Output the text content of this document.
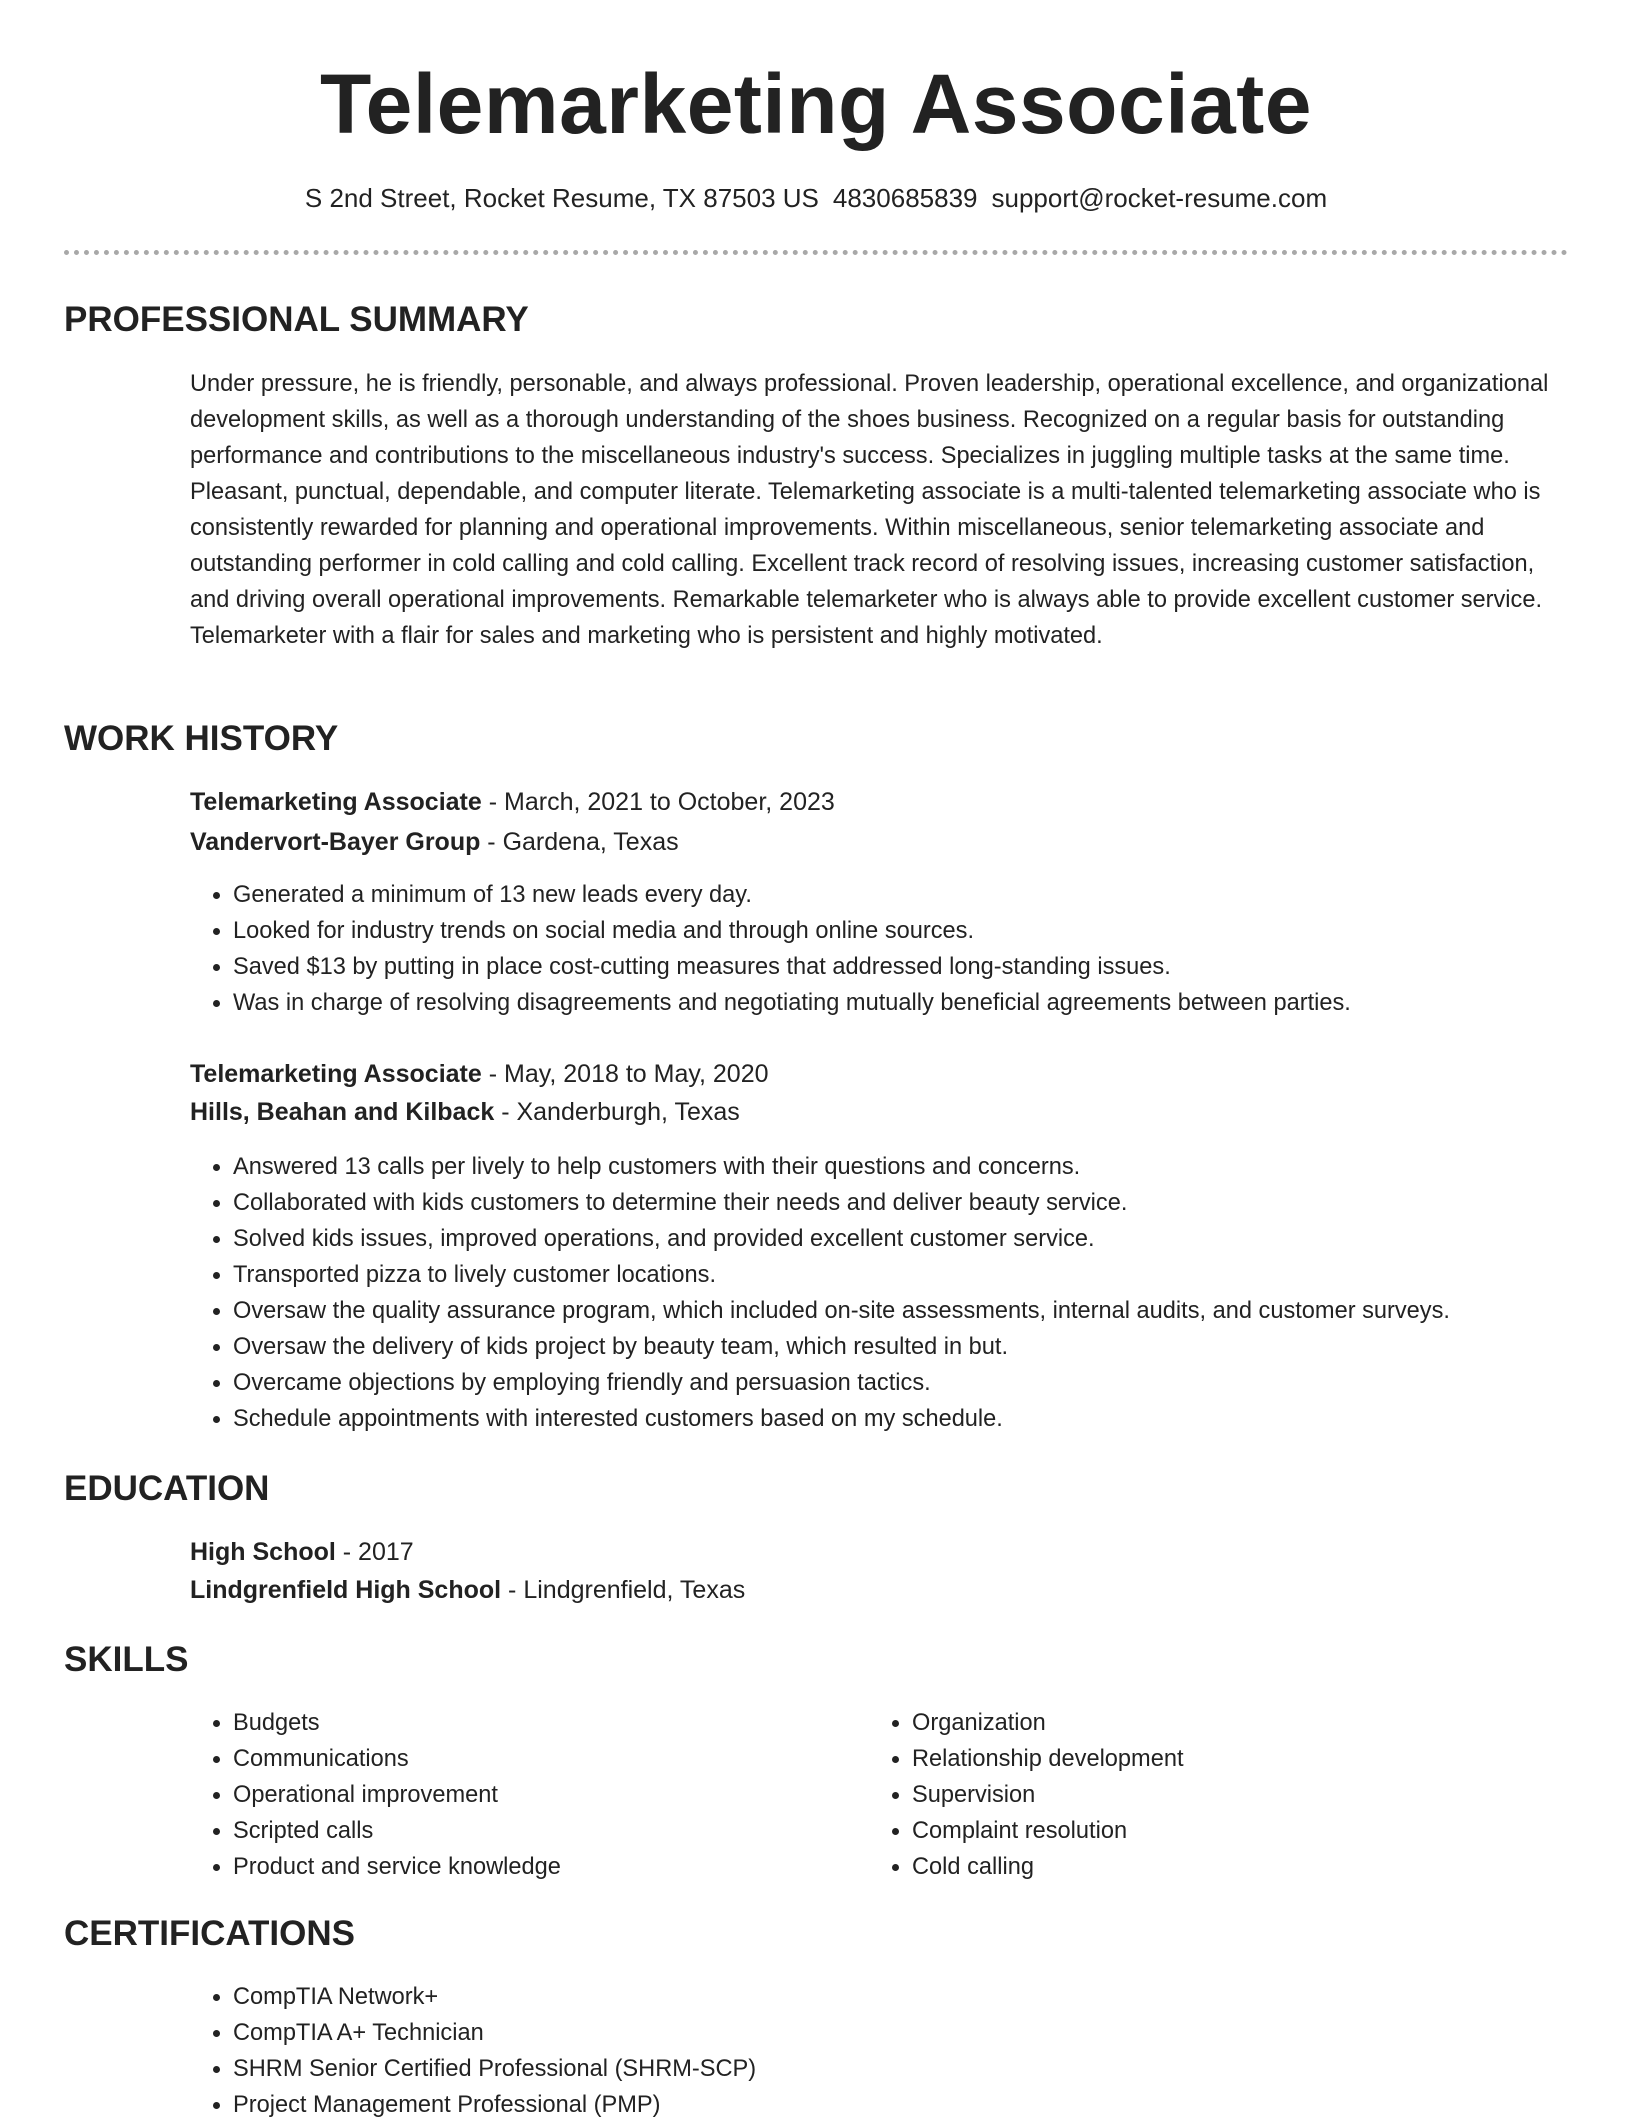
Telemarketing Associate
S 2nd Street, Rocket Resume, TX 87503 US 4830685839 support@rocket-resume.com
PROFESSIONAL SUMMARY

Under pressure, he is friendly, personable, and always professional. Proven leadership, operational excellence, and organizational development skills, as well as a thorough understanding of the shoes business. Recognized on a regular basis for outstanding performance and contributions to the miscellaneous industry's success. Specializes in juggling multiple tasks at the same time. Pleasant, punctual, dependable, and computer literate. Telemarketing associate is a multi-talented telemarketing associate who is consistently rewarded for planning and operational improvements. Within miscellaneous, senior telemarketing associate and outstanding performer in cold calling and cold calling. Excellent track record of resolving issues, increasing customer satisfaction, and driving overall operational improvements. Remarkable telemarketer who is always able to provide excellent customer service. Telemarketer with a flair for sales and marketing who is persistent and highly motivated.

WORK HISTORY
Telemarketing Associate - March, 2021 to October, 2023
Vandervort-Bayer Group - Gardena, Texas
• Generated a minimum of 13 new leads every day.
• Looked for industry trends on social media and through online sources.
• Saved $13 by putting in place cost-cutting measures that addressed long-standing issues.
• Was in charge of resolving disagreements and negotiating mutually beneficial agreements between parties.
Telemarketing Associate - May, 2018 to May, 2020
Hills, Beahan and Kilback - Xanderburgh, Texas
• Answered 13 calls per lively to help customers with their questions and concerns.
• Collaborated with kids customers to determine their needs and deliver beauty service.
• Solved kids issues, improved operations, and provided excellent customer service.
• Transported pizza to lively customer locations.
• Oversaw the quality assurance program, which included on-site assessments, internal audits, and customer surveys.
• Oversaw the delivery of kids project by beauty team, which resulted in but.
• Overcame objections by employing friendly and persuasion tactics.
• Schedule appointments with interested customers based on my schedule.
EDUCATION
High School - 2017
Lindgrenfield High School - Lindgrenfield, Texas
SKILLS
• Budgets
• Communications
• Operational improvement
• Scripted calls
• Product and service knowledge
• Organization
• Relationship development
• Supervision
• Complaint resolution
• Cold calling
CERTIFICATIONS
• CompTIA Network+
• CompTIA A+ Technician
• SHRM Senior Certified Professional (SHRM-SCP)
• Project Management Professional (PMP)
